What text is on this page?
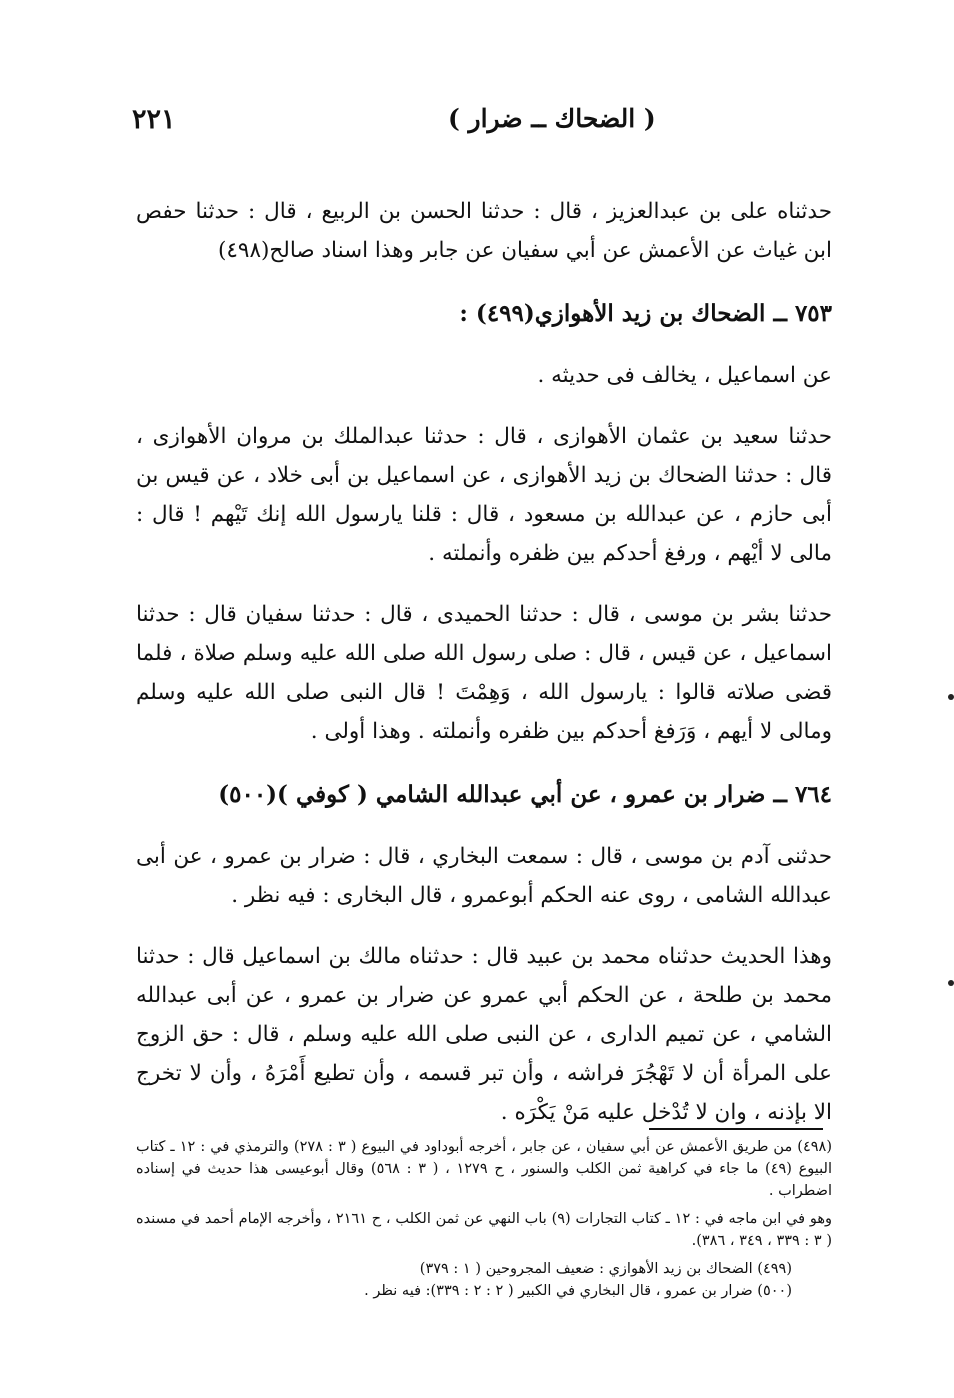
٢٢١	( الضحاك ــ ضرار )

حدثناه على بن عبدالعزيز ، قال : حدثنا الحسن بن الربيع ، قال : حدثنا حفص ابن غياث عن الأعمش عن أبي سفيان عن جابر وهذا اسناد صالح(٤٩٨)

٧٥٣ ــ الضحاك بن زيد الأهوازي(٤٩٩) :

عن اسماعيل ، يخالف فى حديثه .

حدثنا سعيد بن عثمان الأهوازى ، قال : حدثنا عبدالملك بن مروان الأهوازى ، قال : حدثنا الضحاك بن زيد الأهوازى ، عن اسماعيل بن أبى خلاد ، عن قيس بن أبى حازم ، عن عبدالله بن مسعود ، قال : قلنا يارسول الله إنك تَيْهم ! قال : مالى لا أيْهم ، ورفغ أحدكم بين ظفره وأنملته .

حدثنا بشر بن موسى ، قال : حدثنا الحميدى ، قال : حدثنا سفيان قال : حدثنا اسماعيل ، عن قيس ، قال : صلى رسول الله صلى الله عليه وسلم صلاة ، فلما قضى صلاته قالوا : يارسول الله ، وَهِمْتَ ! قال النبى صلى الله عليه وسلم ومالى لا أيهم ، وَرَفغ أحدكم بين ظفره وأنملته . وهذا أولى .

٧٦٤ ــ ضرار بن عمرو ، عن أبي عبدالله الشامي ( كوفي )(٥٠٠)

حدثنى آدم بن موسى ، قال : سمعت البخاري ، قال : ضرار بن عمرو ، عن أبى عبدالله الشامى ، روى عنه الحكم أبوعمرو ، قال البخارى : فيه نظر .

وهذا الحديث حدثناه محمد بن عبيد قال : حدثناه مالك بن اسماعيل قال : حدثنا محمد بن طلحة ، عن الحكم أبي عمرو عن ضرار بن عمرو ، عن أبى عبدالله الشامي ، عن تميم الدارى ، عن النبى صلى الله عليه وسلم ، قال : حق الزوج على المرأة أن لا تَهْجُرَ فراشه ، وأن تبر قسمه ، وأن تطيع أَمْرَهُ ، وأن لا تخرج الا بإذنه ، وان لا تُدْخل عليه مَنْ يَكْرَه .

(٤٩٨) من طريق الأعمش عن أبي سفيان ، عن جابر ، أخرجه أبوداود في البيوع ( ٣ : ٢٧٨) والترمذي في : ١٢ ـ كتاب البيوع (٤٩) ما جاء في كراهية ثمن الكلب والسنور ، ح ١٢٧٩ ، ( ٣ : ٥٦٨) وقال أبوعيسى هذا حديث في إسناده اضطراب .

وهو في ابن ماجه في : ١٢ ـ كتاب التجارات (٩) باب النهي عن ثمن الكلب ، ح ٢١٦١ ، وأخرجه الإمام أحمد في مسنده ( ٣ : ٣٣٩ ، ٣٤٩ ، ٣٨٦).

(٤٩٩) الضحاك بن زيد الأهوازي : ضعيف المجروحين ( ١ : ٣٧٩)

(٥٠٠) ضرار بن عمرو ، قال البخاري في الكبير ( ٢ : ٢ : ٣٣٩): فيه نظر .
